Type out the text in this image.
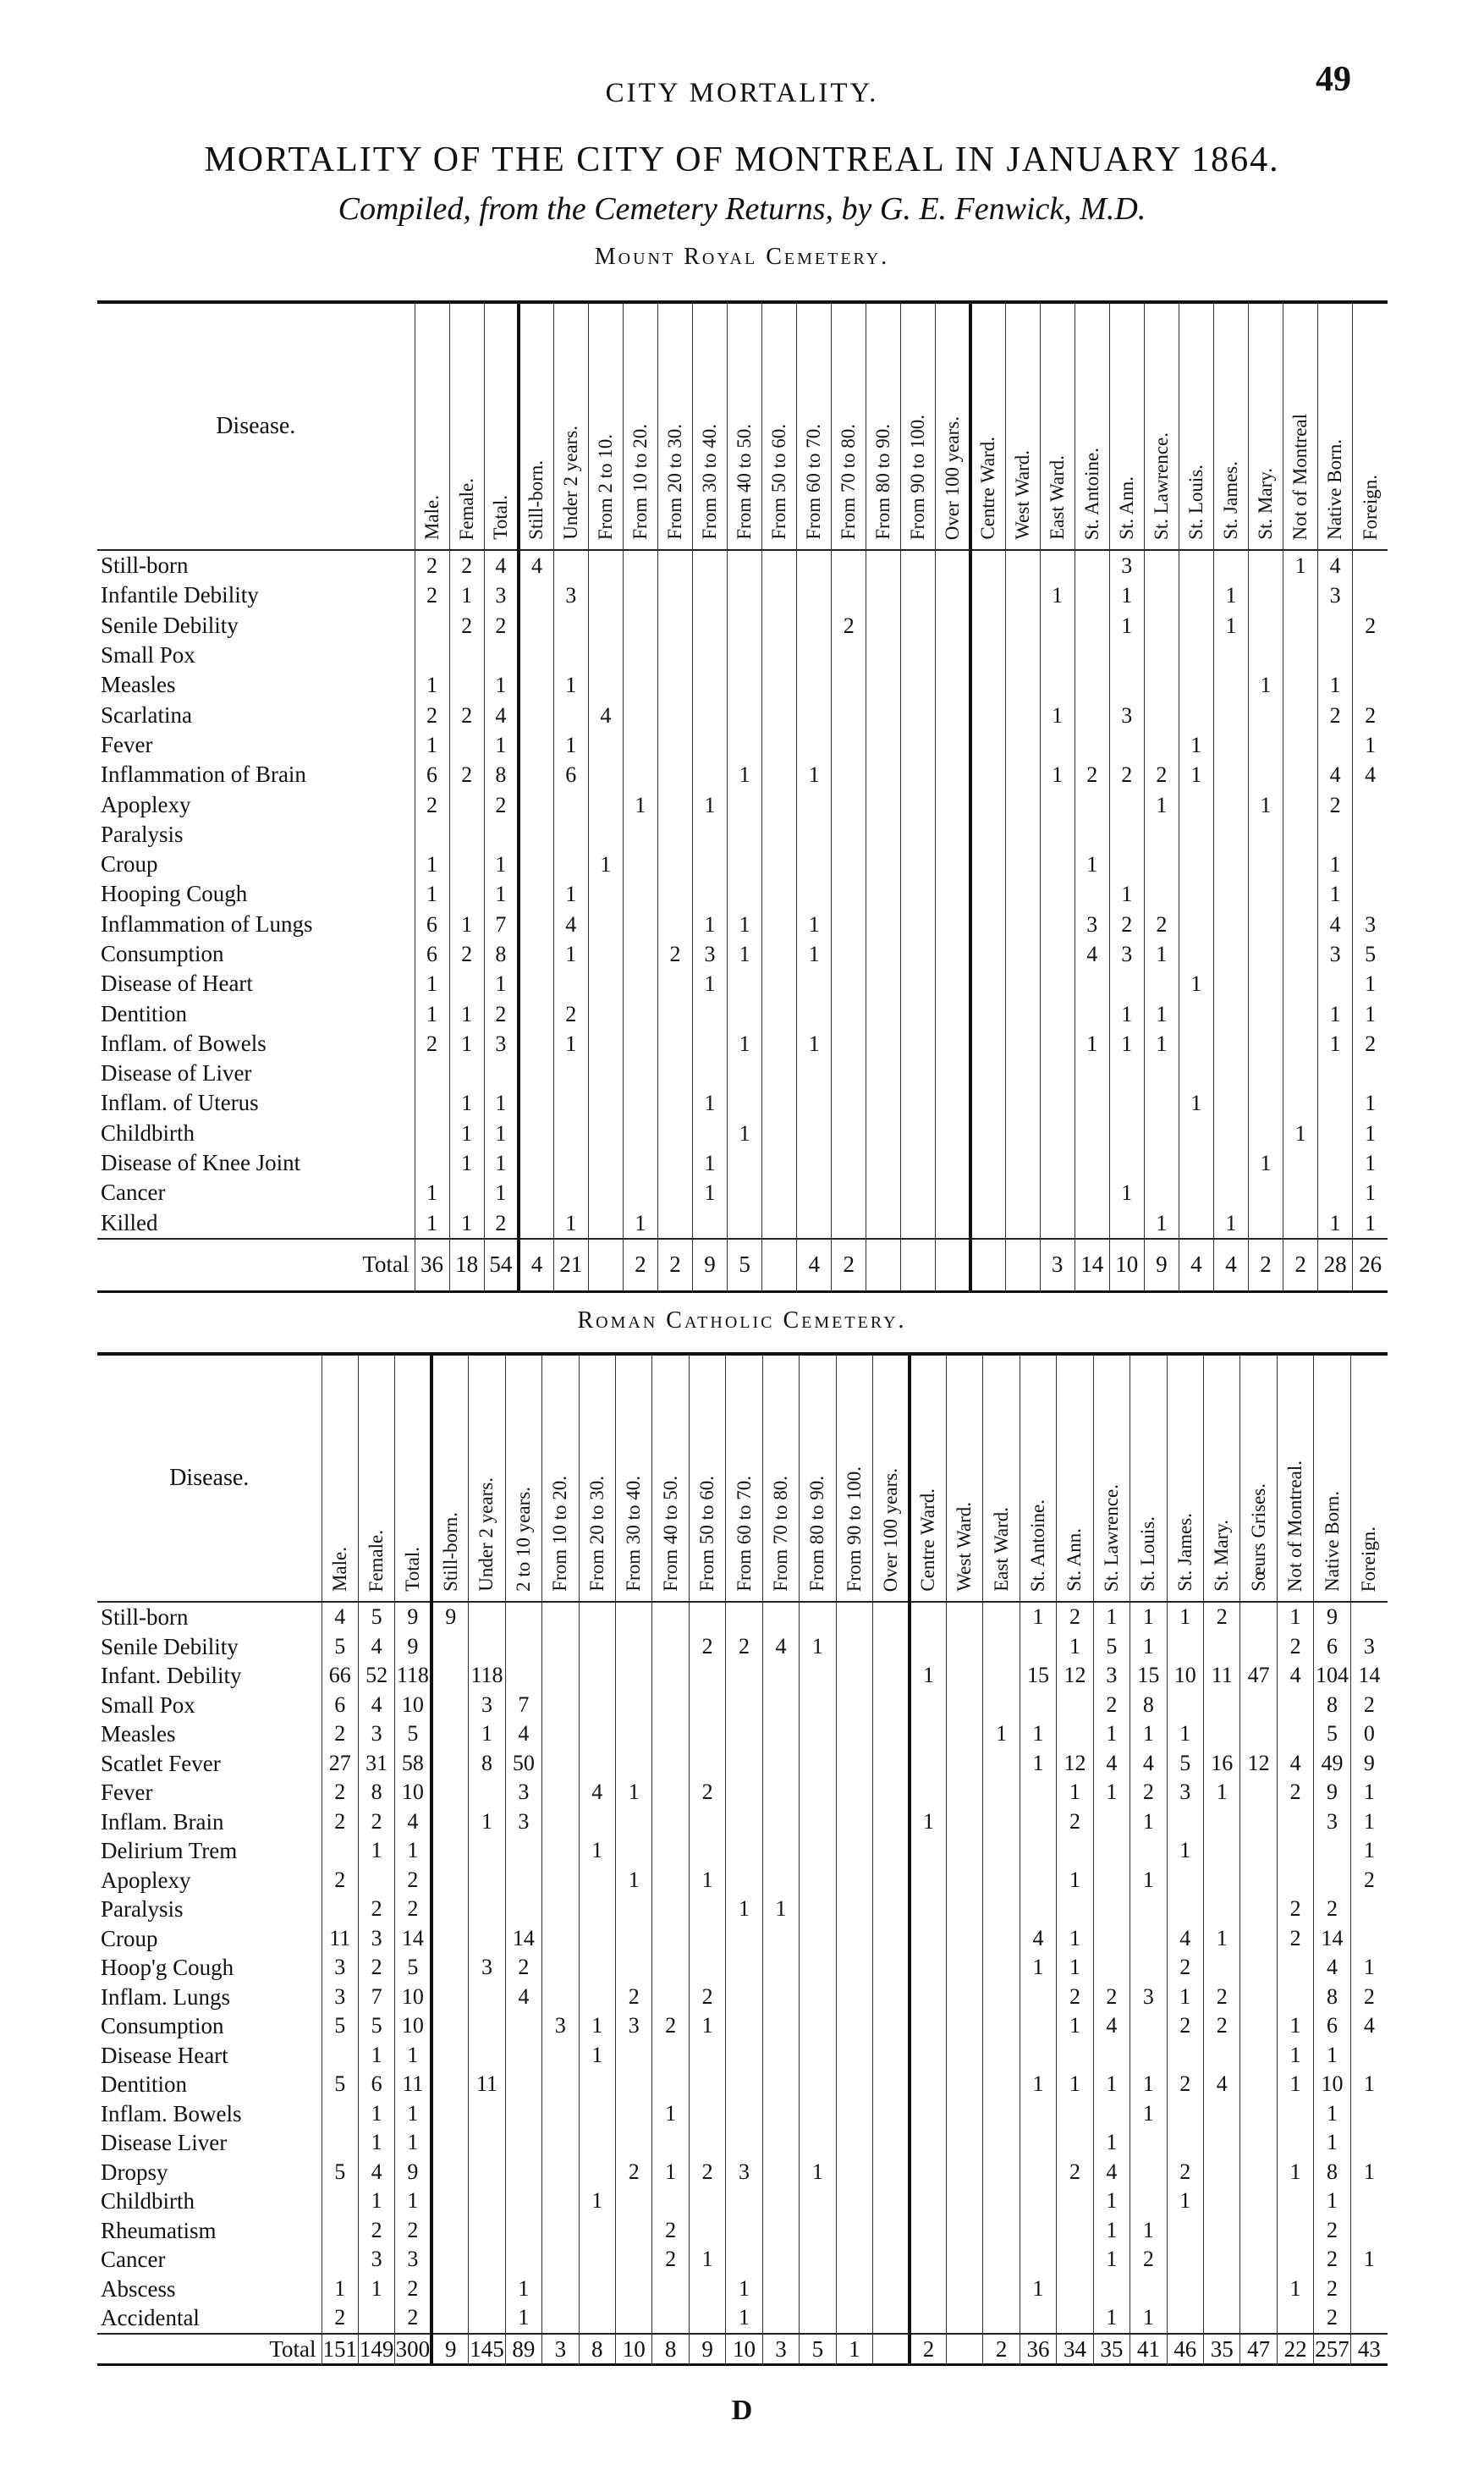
CITY MORTALITY.	49
MORTALITY OF THE CITY OF MONTREAL IN JANUARY 1864.
Compiled, from the Cemetery Returns, by G. E. Fenwick, M.D.
Mount Royal Cemetery.
Disease.	Male.	Female.	Total.	Still-born.	Under 2 years.	From 2 to 10.	From 10 to 20.	From 20 to 30.	From 30 to 40.	From 40 to 50.	From 50 to 60.	From 60 to 70.	From 70 to 80.	From 80 to 90.	From 90 to 100.	Over 100 years.	Centre Ward.	West Ward.	East Ward.	St. Antoine.	St. Ann.	St. Lawrence.	St. Louis.	St. James.	St. Mary.	Not of Montreal	Native Born.	Foreign.
Still-born	2	2	4	4																	3					1	4	
Infantile Debility	2	1	3		3														1		1			1			3	
Senile Debility		2	2										2								1			1				2
Small Pox																												
Measles	1		1		1																				1		1	
Scarlatina	2	2	4			4													1		3						2	2
Fever	1		1		1																		1					1
Inflammation of Brain	6	2	8		6					1		1							1	2	2	2	1				4	4
Apoplexy	2		2				1		1													1			1		2	
Paralysis																												
Croup	1		1			1														1							1	
Hooping Cough	1		1		1																1						1	
Inflammation of Lungs	6	1	7		4				1	1		1								3	2	2					4	3
Consumption	6	2	8		1			2	3	1		1								4	3	1					3	5
Disease of Heart	1		1						1														1					1
Dentition	1	1	2		2																1	1					1	1
Inflam. of Bowels	2	1	3		1					1		1								1	1	1					1	2
Disease of Liver																												
Inflam. of Uterus		1	1						1														1					1
Childbirth		1	1							1																1		1
Disease of Knee Joint		1	1						1																1			1
Cancer	1		1						1												1							1
Killed	1	1	2		1		1															1		1			1	1
Total	36	18	54	4	21		2	2	9	5		4	2						3	14	10	9	4	4	2	2	28	26
Roman Catholic Cemetery.
Disease.	Male.	Female.	Total.	Still-born.	Under 2 years.	2 to 10 years.	From 10 to 20.	From 20 to 30.	From 30 to 40.	From 40 to 50.	From 50 to 60.	From 60 to 70.	From 70 to 80.	From 80 to 90.	From 90 to 100.	Over 100 years.	Centre Ward.	West Ward.	East Ward.	St. Antoine.	St. Ann.	St. Lawrence.	St. Louis.	St. James.	St. Mary.	Sœurs Grises.	Not of Montreal.	Native Born.	Foreign.
Still-born	4	5	9	9																1	2	1	1	1	2		1	9	
Senile Debility	5	4	9								2	2	4	1							1	5	1				2	6	3
Infant. Debility	66	52	118		118												1			15	12	3	15	10	11	47	4	104	14
Small Pox	6	4	10		3	7																2	8					8	2
Measles	2	3	5		1	4													1	1		1	1	1				5	0
Scatlet Fever	27	31	58		8	50														1	12	4	4	5	16	12	4	49	9
Fever	2	8	10			3		4	1		2										1	1	2	3	1		2	9	1
Inflam. Brain	2	2	4		1	3											1				2		1					3	1
Delirium Trem		1	1					1																1					1
Apoplexy	2		2						1		1										1		1						2
Paralysis		2	2									1	1														2	2	
Croup	11	3	14			14														4	1			4	1		2	14	
Hoop'g Cough	3	2	5		3	2														1	1			2				4	1
Inflam. Lungs	3	7	10			4			2		2										2	2	3	1	2			8	2
Consumption	5	5	10				3	1	3	2	1										1	4		2	2		1	6	4
Disease Heart		1	1					1																			1	1	
Dentition	5	6	11		11															1	1	1	1	2	4		1	10	1
Inflam. Bowels		1	1							1													1					1	
Disease Liver		1	1																			1						1	
Dropsy	5	4	9						2	1	2	3		1							2	4		2			1	8	1
Childbirth		1	1					1														1		1				1	
Rheumatism		2	2							2												1	1					2	
Cancer		3	3							2	1											1	2					2	1
Abscess	1	1	2			1						1								1							1	2	
Accidental	2		2			1						1										1	1					2	
Total	151	149	300	9	145	89	3	8	10	8	9	10	3	5	1		2		2	36	34	35	41	46	35	47	22	257	43
D
